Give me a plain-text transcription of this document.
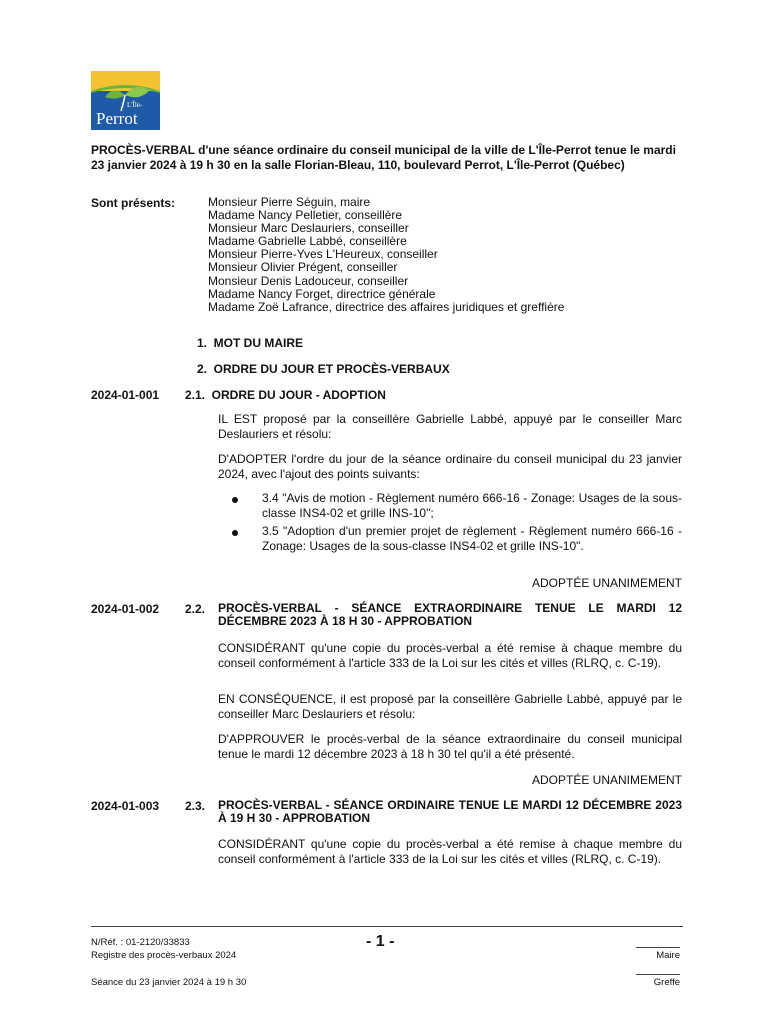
L'Île-
Perrot
PROCÈS-VERBAL d'une séance ordinaire du conseil municipal de la ville de L'Île-Perrot tenue le mardi 23 janvier 2024 à 19 h 30 en la salle Florian-Bleau, 110, boulevard Perrot, L'Île-Perrot (Québec)
Sont présents:	Monsieur Pierre Séguin, maire
Madame Nancy Pelletier, conseillère
Monsieur Marc Deslauriers, conseiller
Madame Gabrielle Labbé, conseillère
Monsieur Pierre-Yves L'Heureux, conseiller
Monsieur Olivier Prégent, conseiller
Monsieur Denis Ladouceur, conseiller
Madame Nancy Forget, directrice générale
Madame Zoë Lafrance, directrice des affaires juridiques et greffière
1.  MOT DU MAIRE
2.  ORDRE DU JOUR ET PROCÈS-VERBAUX
2024-01-001 2.1.  ORDRE DU JOUR - ADOPTION
IL EST proposé par la conseillère Gabrielle Labbé, appuyé par le conseiller Marc Deslauriers et résolu:
D'ADOPTER l'ordre du jour de la séance ordinaire du conseil municipal du 23 janvier 2024, avec l'ajout des points suivants:
3.4 "Avis de motion - Règlement numéro 666-16 - Zonage: Usages de la sous-classe INS4-02 et grille INS-10";
3.5 "Adoption d'un premier projet de règlement - Règlement numéro 666-16 - Zonage: Usages de la sous-classe INS4-02 et grille INS-10".
ADOPTÉE UNANIMEMENT
2024-01-002 2.2. PROCÈS-VERBAL - SÉANCE EXTRAORDINAIRE TENUE LE MARDI 12 DÉCEMBRE 2023 À 18 H 30 - APPROBATION
CONSIDÉRANT qu'une copie du procès-verbal a été remise à chaque membre du conseil conformément à l'article 333 de la Loi sur les cités et villes (RLRQ, c. C-19).
EN CONSÉQUENCE, il est proposé par la conseillère Gabrielle Labbé, appuyé par le conseiller Marc Deslauriers et résolu:
D'APPROUVER le procès-verbal de la séance extraordinaire du conseil municipal tenue le mardi 12 décembre 2023 à 18 h 30 tel qu'il a été présenté.
ADOPTÉE UNANIMEMENT
2024-01-003 2.3. PROCÈS-VERBAL - SÉANCE ORDINAIRE TENUE LE MARDI 12 DÉCEMBRE 2023 À 19 H 30 - APPROBATION
CONSIDÉRANT qu'une copie du procès-verbal a été remise à chaque membre du conseil conformément à l'article 333 de la Loi sur les cités et villes (RLRQ, c. C-19).
N/Réf. : 01-2120/33833
Registre des procès-verbaux 2024
- 1 -
Maire
Séance du 23 janvier 2024 à 19 h 30	Greffe
